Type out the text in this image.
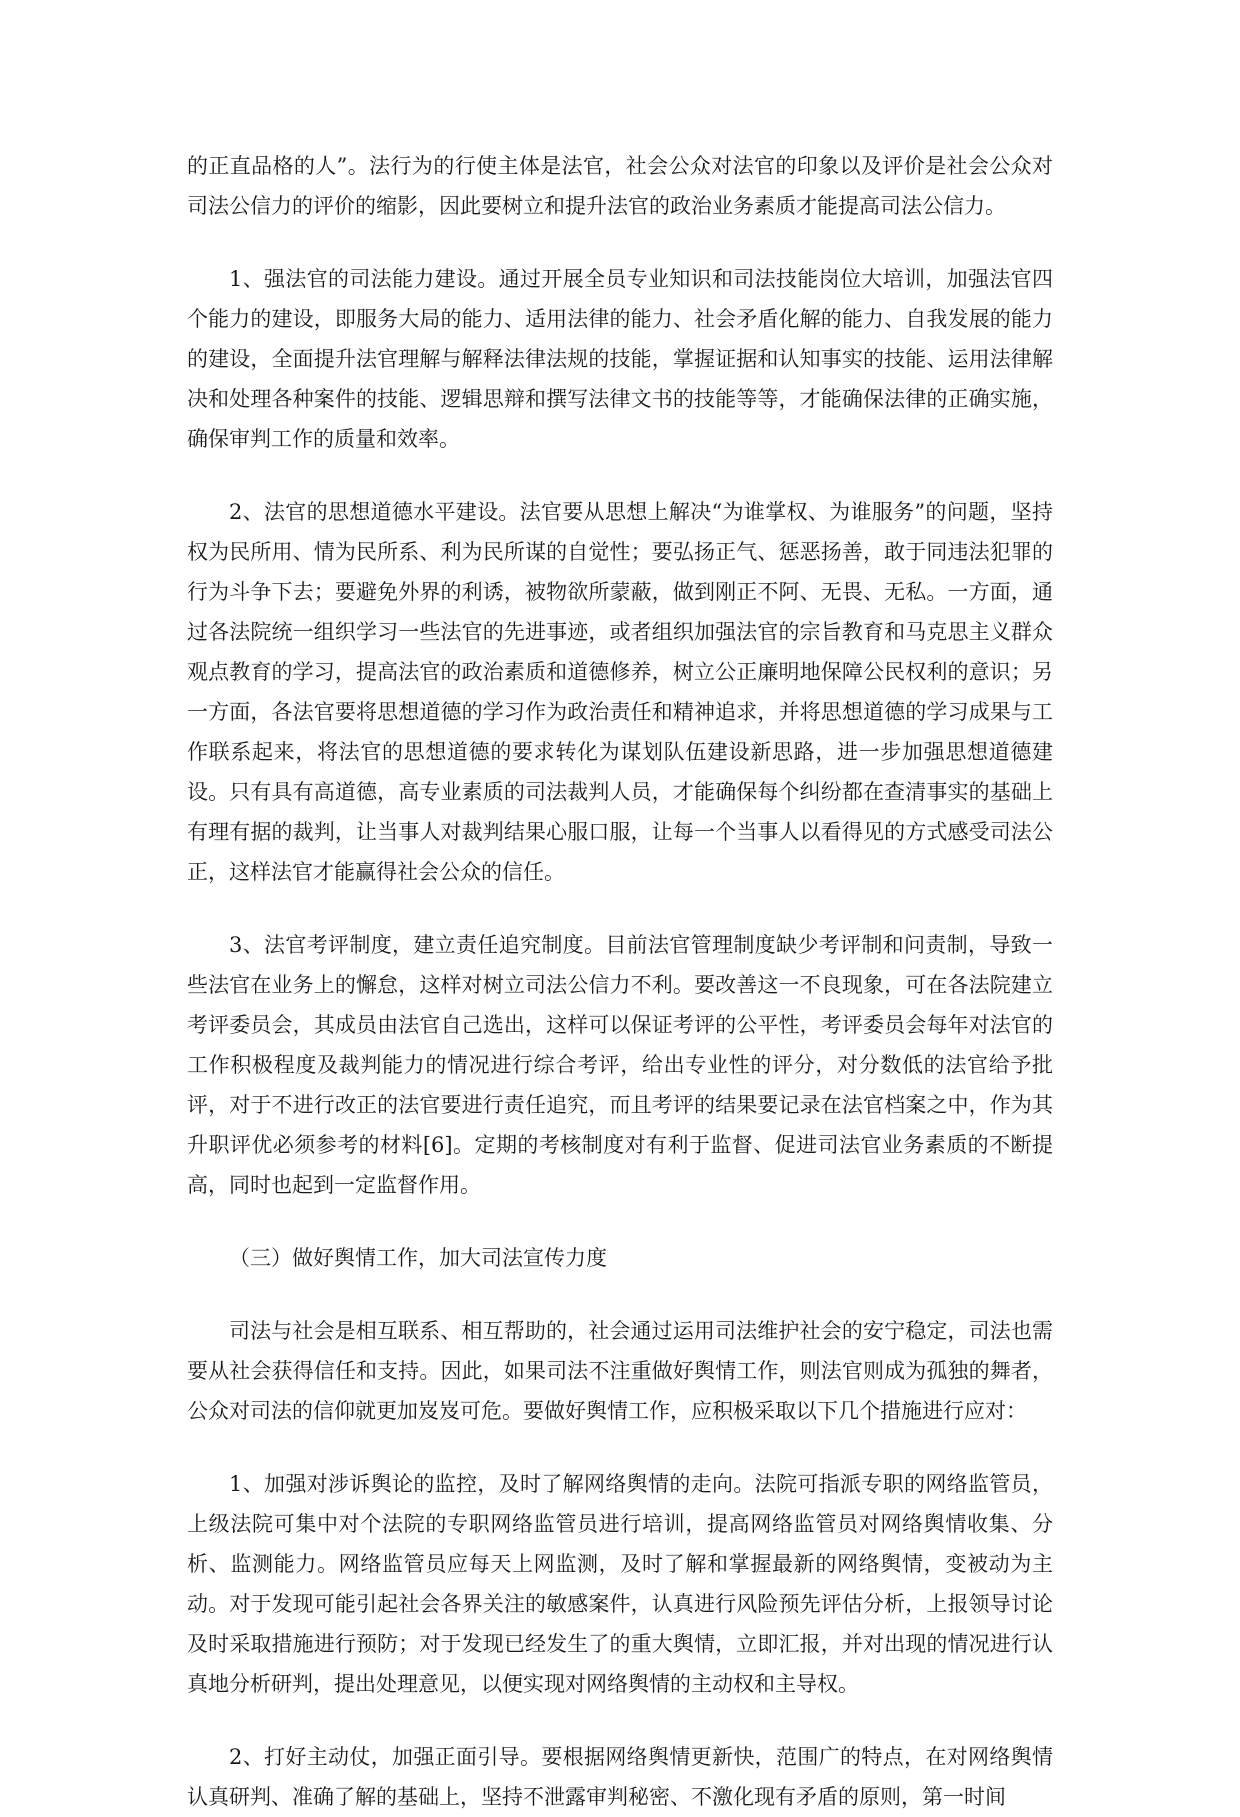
的正直品格的人”。法行为的行使主体是法官，社会公众对法官的印象以及评价是社会公众对司法公信力的评价的缩影，因此要树立和提升法官的政治业务素质才能提高司法公信力。

1、强法官的司法能力建设。通过开展全员专业知识和司法技能岗位大培训，加强法官四个能力的建设，即服务大局的能力、适用法律的能力、社会矛盾化解的能力、自我发展的能力的建设，全面提升法官理解与解释法律法规的技能，掌握证据和认知事实的技能、运用法律解决和处理各种案件的技能、逻辑思辩和撰写法律文书的技能等等，才能确保法律的正确实施，确保审判工作的质量和效率。

2、法官的思想道德水平建设。法官要从思想上解决“为谁掌权、为谁服务”的问题，坚持权为民所用、情为民所系、利为民所谋的自觉性；要弘扬正气、惩恶扬善，敢于同违法犯罪的行为斗争下去；要避免外界的利诱，被物欲所蒙蔽，做到刚正不阿、无畏、无私。一方面，通过各法院统一组织学习一些法官的先进事迹，或者组织加强法官的宗旨教育和马克思主义群众观点教育的学习，提高法官的政治素质和道德修养，树立公正廉明地保障公民权利的意识；另一方面，各法官要将思想道德的学习作为政治责任和精神追求，并将思想道德的学习成果与工作联系起来，将法官的思想道德的要求转化为谋划队伍建设新思路，进一步加强思想道德建设。只有具有高道德，高专业素质的司法裁判人员，才能确保每个纠纷都在查清事实的基础上有理有据的裁判，让当事人对裁判结果心服口服，让每一个当事人以看得见的方式感受司法公正，这样法官才能赢得社会公众的信任。

3、法官考评制度，建立责任追究制度。目前法官管理制度缺少考评制和问责制，导致一些法官在业务上的懈怠，这样对树立司法公信力不利。要改善这一不良现象，可在各法院建立考评委员会，其成员由法官自己选出，这样可以保证考评的公平性，考评委员会每年对法官的工作积极程度及裁判能力的情况进行综合考评，给出专业性的评分，对分数低的法官给予批评，对于不进行改正的法官要进行责任追究，而且考评的结果要记录在法官档案之中，作为其升职评优必须参考的材料[6]。定期的考核制度对有利于监督、促进司法官业务素质的不断提高，同时也起到一定监督作用。

（三）做好舆情工作，加大司法宣传力度

司法与社会是相互联系、相互帮助的，社会通过运用司法维护社会的安宁稳定，司法也需要从社会获得信任和支持。因此，如果司法不注重做好舆情工作，则法官则成为孤独的舞者，公众对司法的信仰就更加岌岌可危。要做好舆情工作，应积极采取以下几个措施进行应对：

1、加强对涉诉舆论的监控，及时了解网络舆情的走向。法院可指派专职的网络监管员，上级法院可集中对个法院的专职网络监管员进行培训，提高网络监管员对网络舆情收集、分析、监测能力。网络监管员应每天上网监测，及时了解和掌握最新的网络舆情，变被动为主动。对于发现可能引起社会各界关注的敏感案件，认真进行风险预先评估分析，上报领导讨论及时采取措施进行预防；对于发现已经发生了的重大舆情，立即汇报，并对出现的情况进行认真地分析研判，提出处理意见，以便实现对网络舆情的主动权和主导权。

2、打好主动仗，加强正面引导。要根据网络舆情更新快，范围广的特点，在对网络舆情认真研判、准确了解的基础上，坚持不泄露审判秘密、不激化现有矛盾的原则，第一时间
